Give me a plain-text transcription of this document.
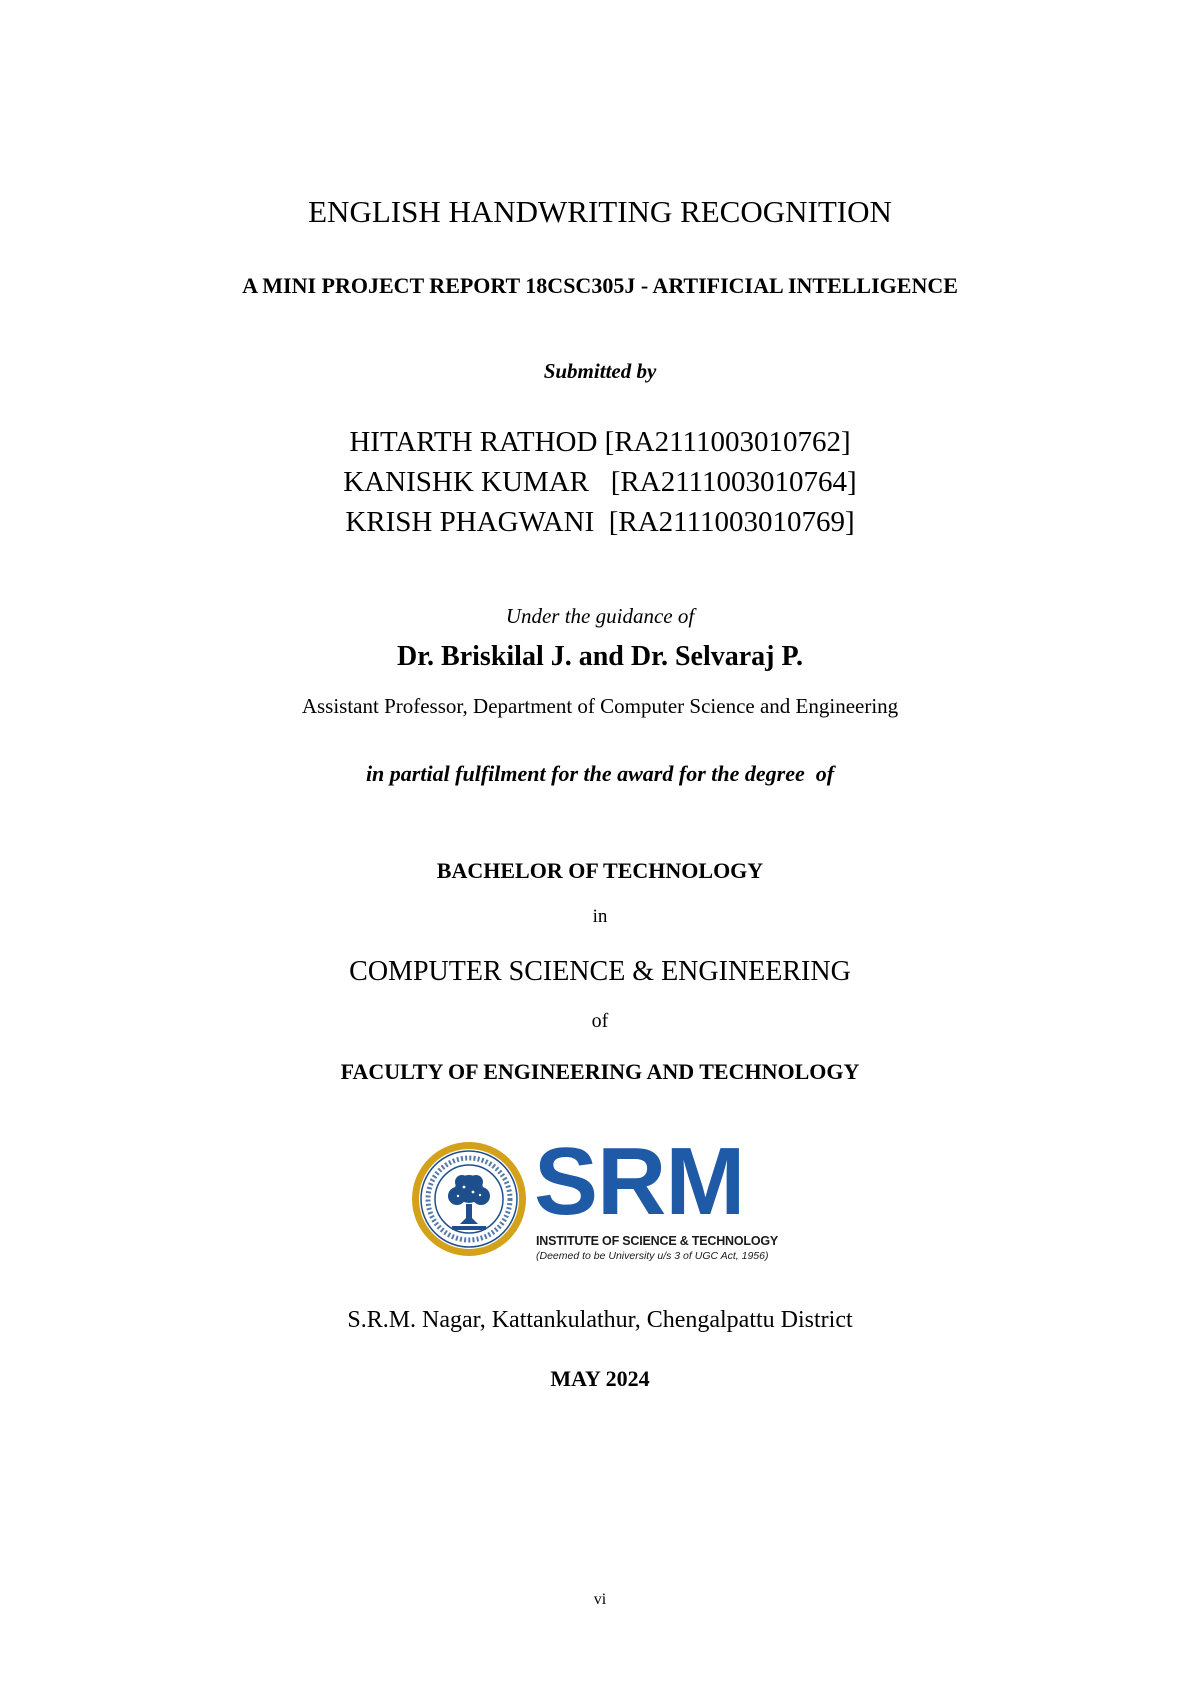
ENGLISH HANDWRITING RECOGNITION
A MINI PROJECT REPORT 18CSC305J - ARTIFICIAL INTELLIGENCE
Submitted by
HITARTH RATHOD [RA2111003010762]
KANISHK KUMAR   [RA2111003010764]
KRISH PHAGWANI  [RA2111003010769]
Under the guidance of
Dr. Briskilal J. and Dr. Selvaraj P.
Assistant Professor, Department of Computer Science and Engineering
in partial fulfilment for the award for the degree  of
BACHELOR OF TECHNOLOGY
in
COMPUTER SCIENCE & ENGINEERING
of
FACULTY OF ENGINEERING AND TECHNOLOGY
SRM
INSTITUTE OF SCIENCE & TECHNOLOGY
(Deemed to be University u/s 3 of UGC Act, 1956)
S.R.M. Nagar, Kattankulathur, Chengalpattu District
MAY 2024
vi
